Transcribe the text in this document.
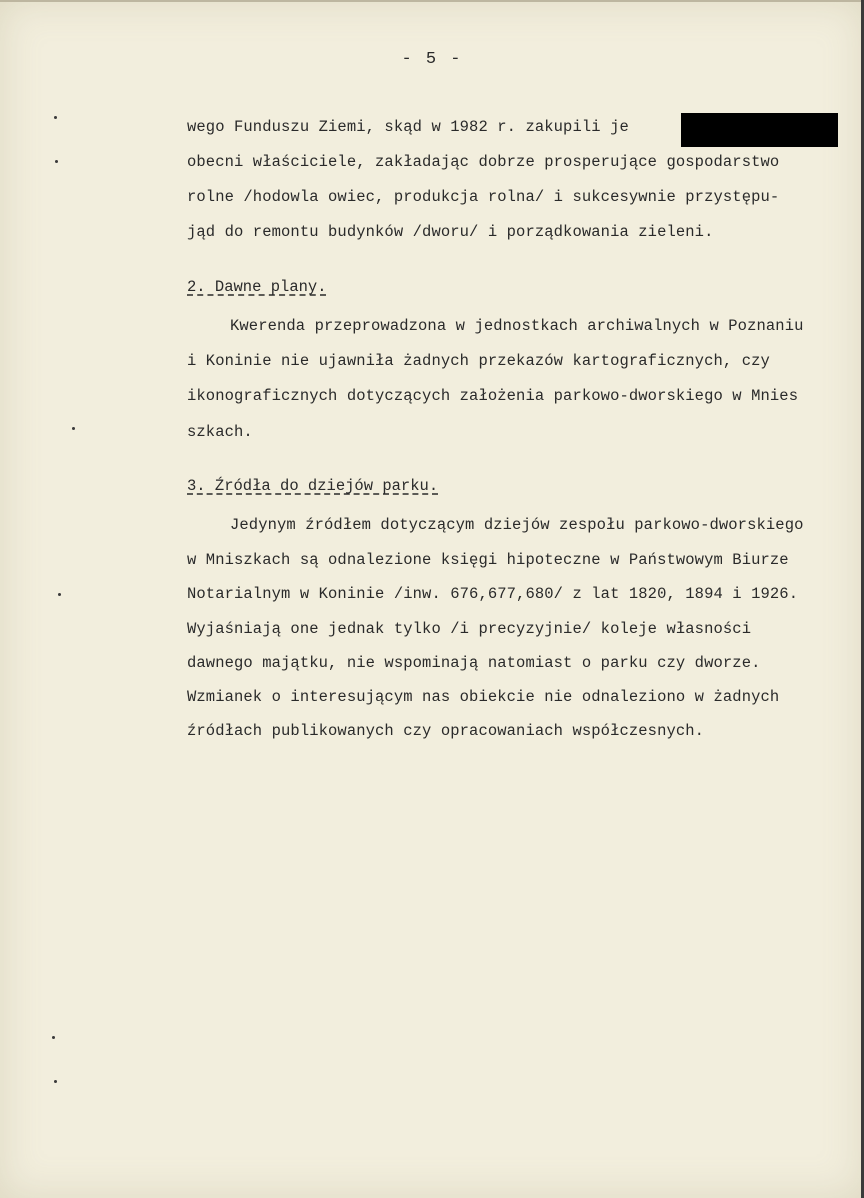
- 5 -
wego Funduszu Ziemi, skąd w 1982 r. zakupili je
obecni właściciele, zakładając dobrze prosperujące gospodarstwo
rolne /hodowla owiec, produkcja rolna/ i sukcesywnie przystępu-
jąd do remontu budynków /dworu/ i porządkowania zieleni.
2. Dawne plany.
Kwerenda przeprowadzona w jednostkach archiwalnych w Poznaniu
i Koninie nie ujawniła żadnych przekazów kartograficznych, czy
ikonograficznych dotyczących założenia parkowo-dworskiego w Mnies
szkach.
3. Źródła do dziejów parku.
Jedynym źródłem dotyczącym dziejów zespołu parkowo-dworskiego
w Mniszkach są odnalezione księgi hipoteczne w Państwowym Biurze
Notarialnym w Koninie /inw. 676,677,680/ z lat 1820, 1894 i 1926.
Wyjaśniają one jednak tylko /i precyzyjnie/ koleje własności
dawnego majątku, nie wspominają natomiast o parku czy dworze.
Wzmianek o interesującym nas obiekcie nie odnaleziono w żadnych
źródłach publikowanych czy opracowaniach współczesnych.
